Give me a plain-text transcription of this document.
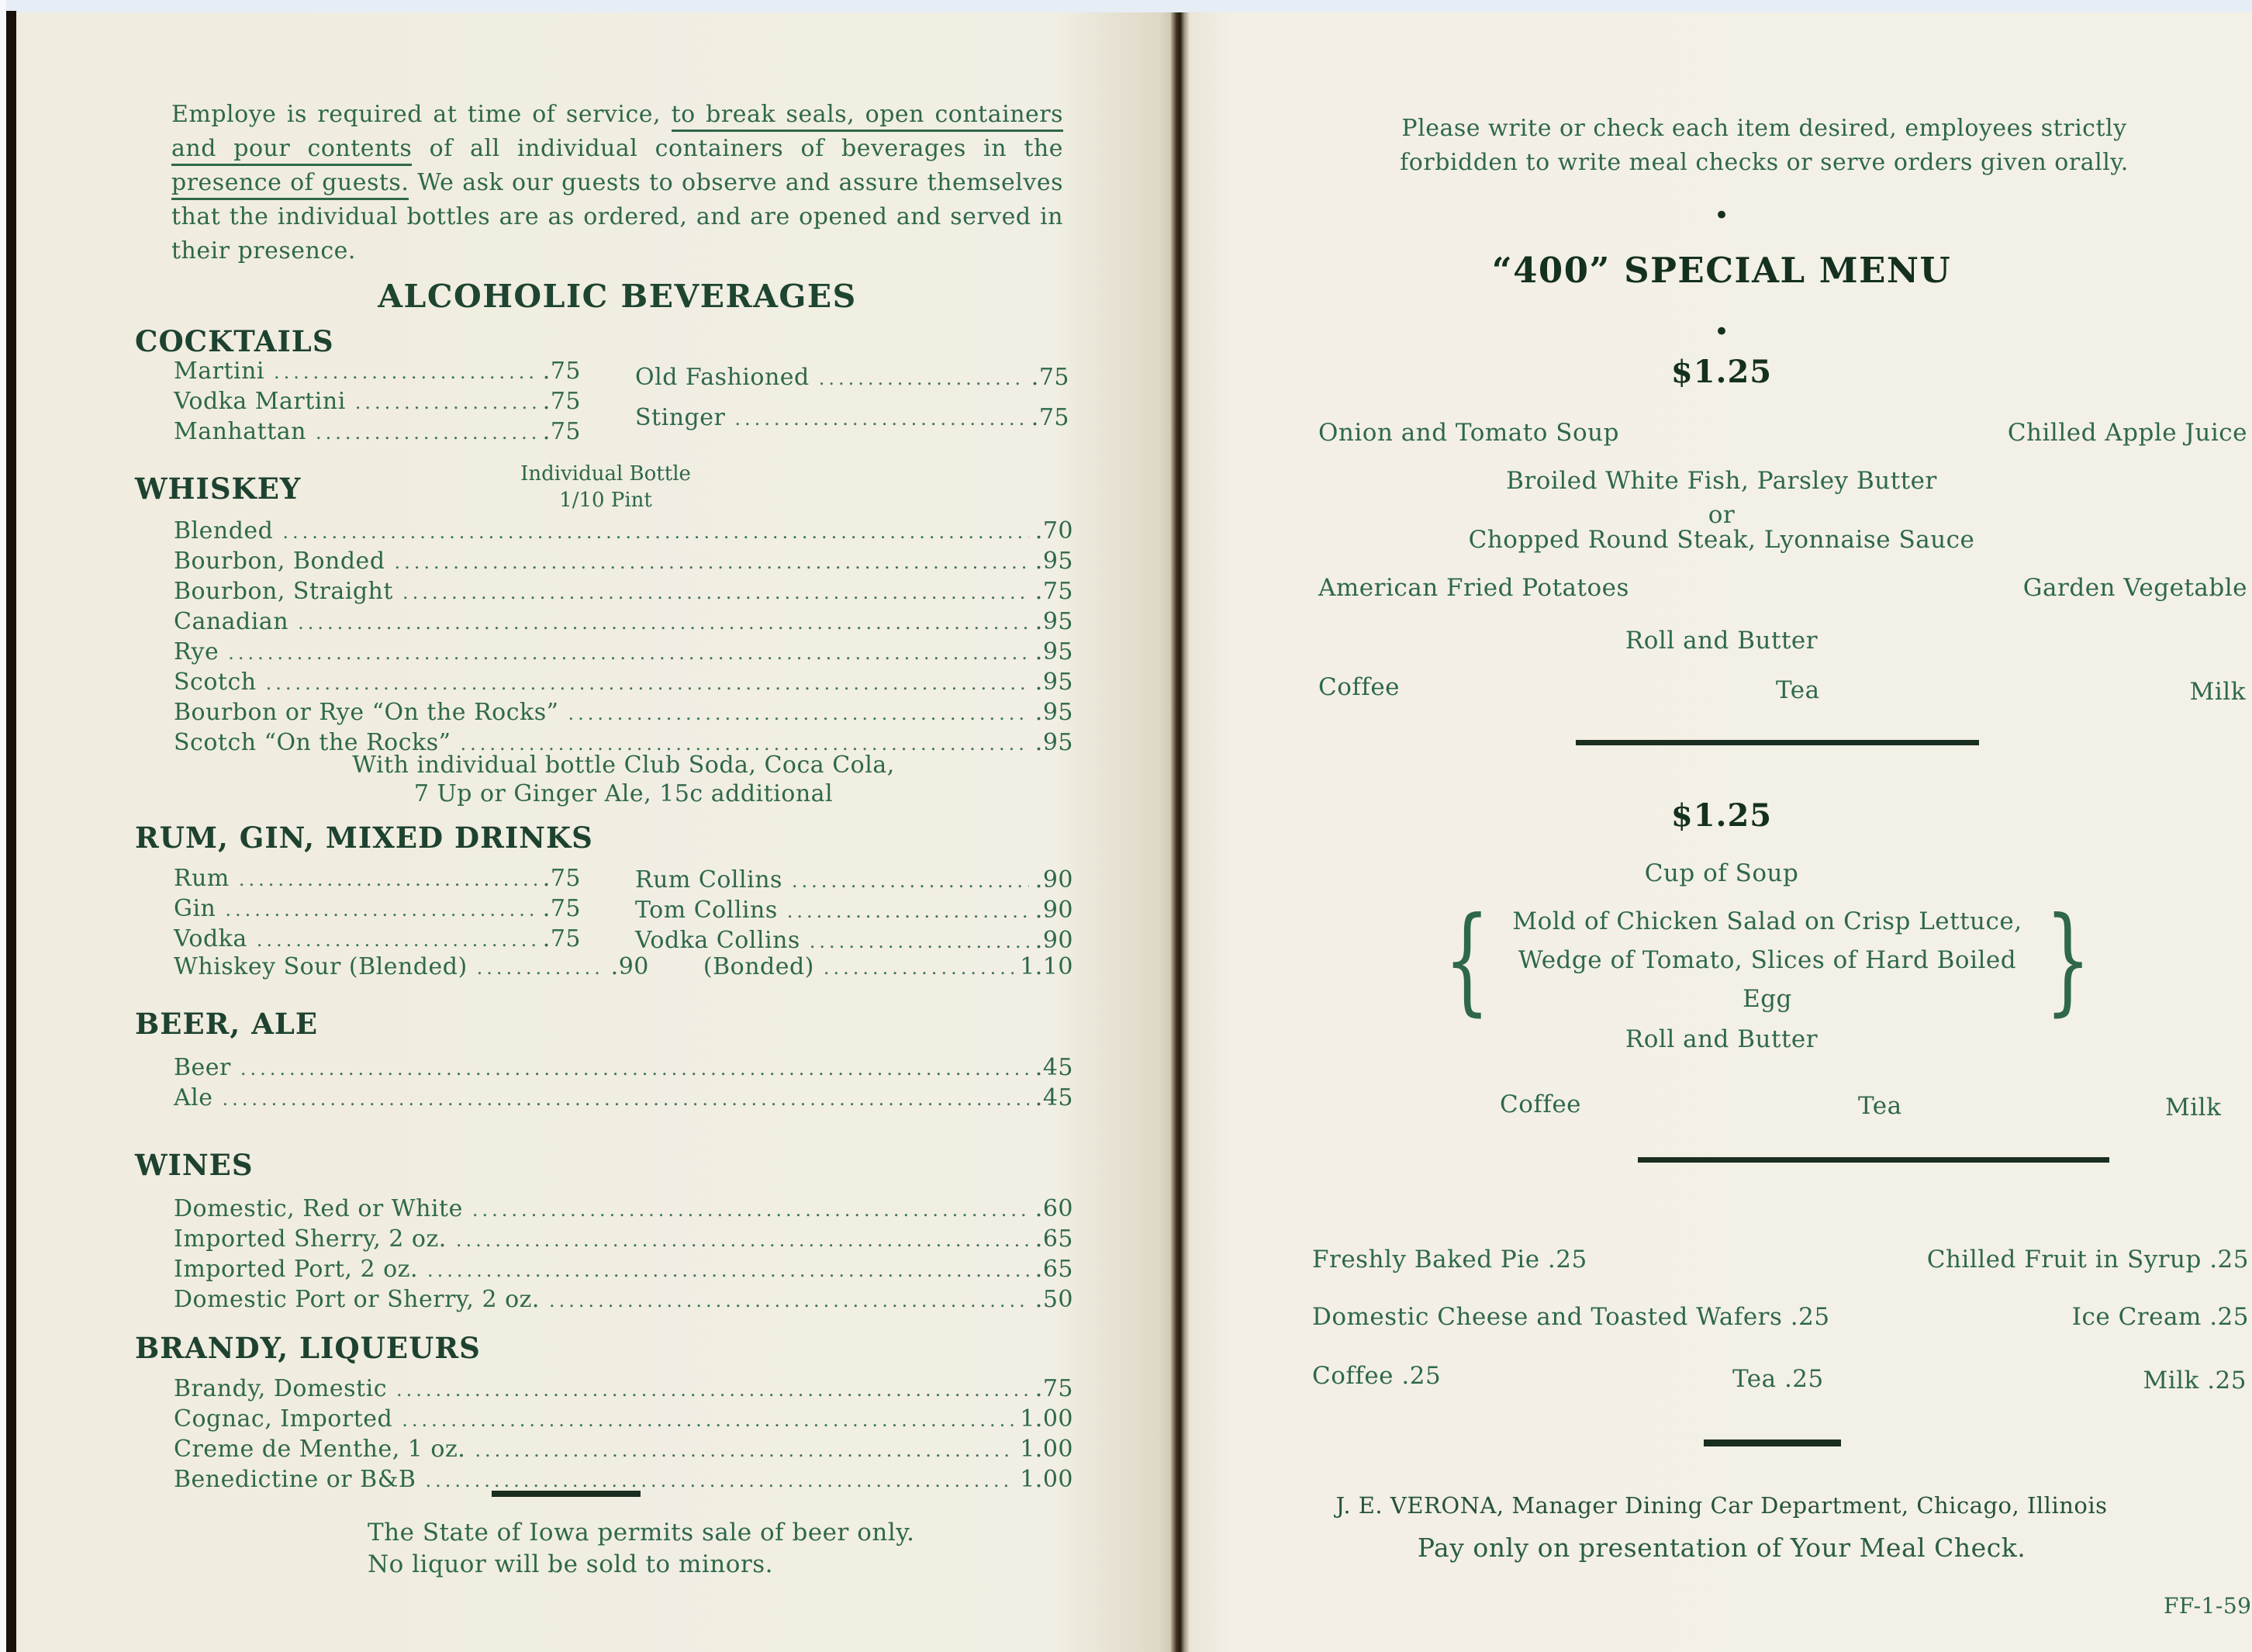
Employe is required at time of service, to break seals, open containers and pour contents of all individual containers of beverages in the presence of guests. We ask our guests to observe and assure themselves that the individual bottles are as ordered, and are opened and served in their presence.
ALCOHOLIC BEVERAGES
COCKTAILS
Martini .....	.75
Vodka Martini .....	.75
Manhattan .....	.75
Old Fashioned .....	.75
Stinger .....	.75
WHISKEY	Individual Bottle
1/10 Pint
Blended .....	.70
Bourbon, Bonded .....	.95
Bourbon, Straight .....	.75
Canadian .....	.95
Rye .....	.95
Scotch .....	.95
Bourbon or Rye “On the Rocks” .....	.95
Scotch “On the Rocks” .....	.95
With individual bottle Club Soda, Coca Cola,
7 Up or Ginger Ale, 15c additional
RUM, GIN, MIXED DRINKS
Rum .....	.75
Gin .....	.75
Vodka .....	.75
Rum Collins .....	.90
Tom Collins .....	.90
Vodka Collins .....	.90
Whiskey Sour (Blended) .....	.90 (Bonded) .....	1.10
BEER, ALE
Beer .....	.45
Ale .....	.45
WINES
Domestic, Red or White .....	.60
Imported Sherry, 2 oz. .....	.65
Imported Port, 2 oz. .....	.65
Domestic Port or Sherry, 2 oz. .....	.50
BRANDY, LIQUEURS
Brandy, Domestic .....	.75
Cognac, Imported .....	1.00
Creme de Menthe, 1 oz. .....	1.00
Benedictine or B&B .....	1.00
The State of Iowa permits sale of beer only.
No liquor will be sold to minors.
Please write or check each item desired, employees strictly
forbidden to write meal checks or serve orders given orally.
•
“400” SPECIAL MENU
•
$1.25
Onion and Tomato Soup	Chilled Apple Juice
Broiled White Fish, Parsley Butter
or
Chopped Round Steak, Lyonnaise Sauce
American Fried Potatoes	Garden Vegetable
Roll and Butter
Coffee	Tea	Milk
$1.25
Cup of Soup
{ Mold of Chicken Salad on Crisp Lettuce,
Wedge of Tomato, Slices of Hard Boiled Egg	}
Roll and Butter
Coffee	Tea	Milk
Freshly Baked Pie .25	Chilled Fruit in Syrup .25
Domestic Cheese and Toasted Wafers .25	Ice Cream .25
Coffee .25	Tea .25	Milk .25
J. E. VERONA, Manager Dining Car Department, Chicago, Illinois
Pay only on presentation of Your Meal Check.
FF-1-59
